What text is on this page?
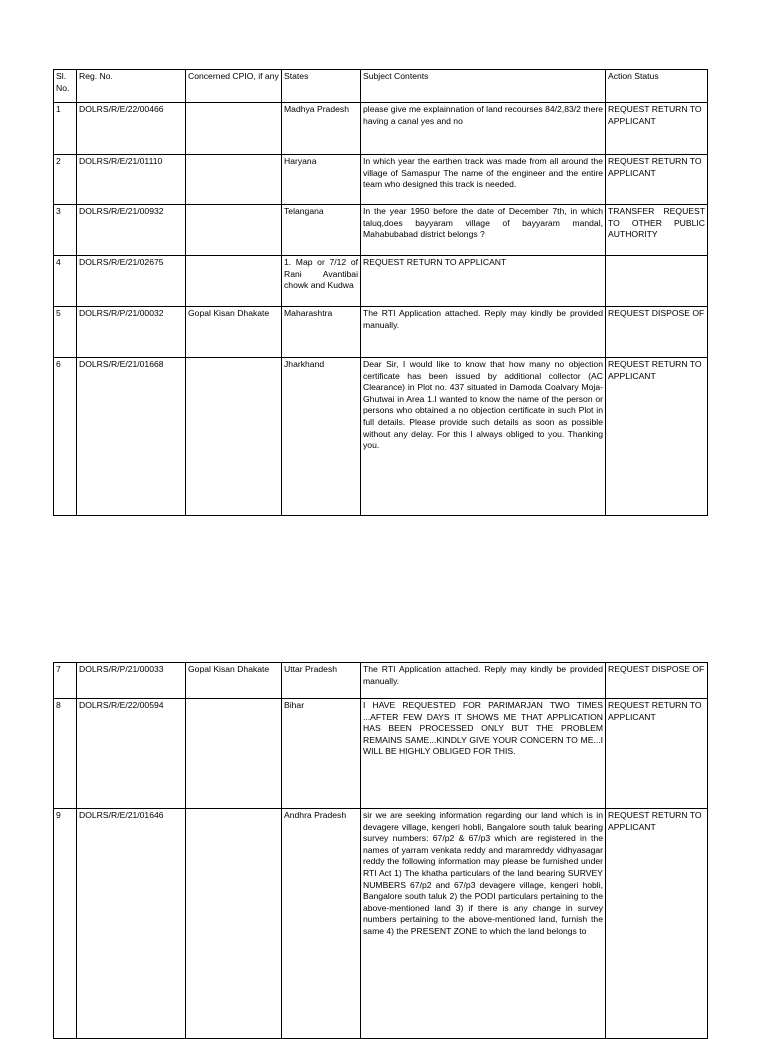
Sl. No.	Reg. No.	Concerned CPIO, if any	States	Subject Contents	Action Status
1	DOLRS/R/E/22/00466		Madhya Pradesh	please give me explainnation of land recourses 84/2,83/2 there having a canal yes and no	REQUEST RETURN TO APPLICANT
2	DOLRS/R/E/21/01110		Haryana	In which year the earthen track was made from all around the village of Samaspur The name of the engineer and the entire team who designed this track is needed.	REQUEST RETURN TO APPLICANT
3	DOLRS/R/E/21/00932		Telangana	In the year 1950 before the date of December 7th, in which taluq,does bayyaram village of bayyaram mandal, Mahabubabad district belongs ?	TRANSFER REQUEST TO OTHER PUBLIC AUTHORITY
4	DOLRS/R/E/21/02675		1. Map or 7/12 of Rani Avantibai chowk and Kudwa	REQUEST RETURN TO APPLICANT	
5	DOLRS/R/P/21/00032	Gopal Kisan Dhakate	Maharashtra	The RTI Application attached. Reply may kindly be provided manually.	REQUEST DISPOSE OF
6	DOLRS/R/E/21/01668		Jharkhand	Dear Sir, I would like to know that how many no objection certificate has been issued by additional collector (AC Clearance) in Plot no. 437 situated in Damoda Coalvary Moja- Ghutwai in Area 1.I wanted to know the name of the person or persons who obtained a no objection certificate in such Plot in full details. Please provide such details as soon as possible without any delay. For this I always obliged to you. Thanking you.	REQUEST RETURN TO APPLICANT
7	DOLRS/R/P/21/00033	Gopal Kisan Dhakate	Uttar Pradesh	The RTI Application attached. Reply may kindly be provided manually.	REQUEST DISPOSE OF
8	DOLRS/R/E/22/00594		Bihar	I HAVE REQUESTED FOR PARIMARJAN TWO TIMES ...AFTER FEW DAYS IT SHOWS ME THAT APPLICATION HAS BEEN PROCESSED ONLY BUT THE PROBLEM REMAINS SAME...KINDLY GIVE YOUR CONCERN TO ME...I WILL BE HIGHLY OBLIGED FOR THIS.	REQUEST RETURN TO APPLICANT
9	DOLRS/R/E/21/01646		Andhra Pradesh	sir we are seeking information regarding our land which is in devagere village, kengeri hobli, Bangalore south taluk bearing survey numbers: 67/p2 & 67/p3 which are registered in the names of yarram venkata reddy and maramreddy vidhyasagar reddy the following information may please be furnished under RTI Act 1) The khatha particulars of the land bearing SURVEY NUMBERS 67/p2 and 67/p3 devagere village, kengeri hobli, Bangalore south taluk 2) the PODI particulars pertaining to the above-mentioned land 3) if there is any change in survey numbers pertaining to the above-mentioned land, furnish the same 4) the PRESENT ZONE to which the land belongs to	REQUEST RETURN TO APPLICANT
